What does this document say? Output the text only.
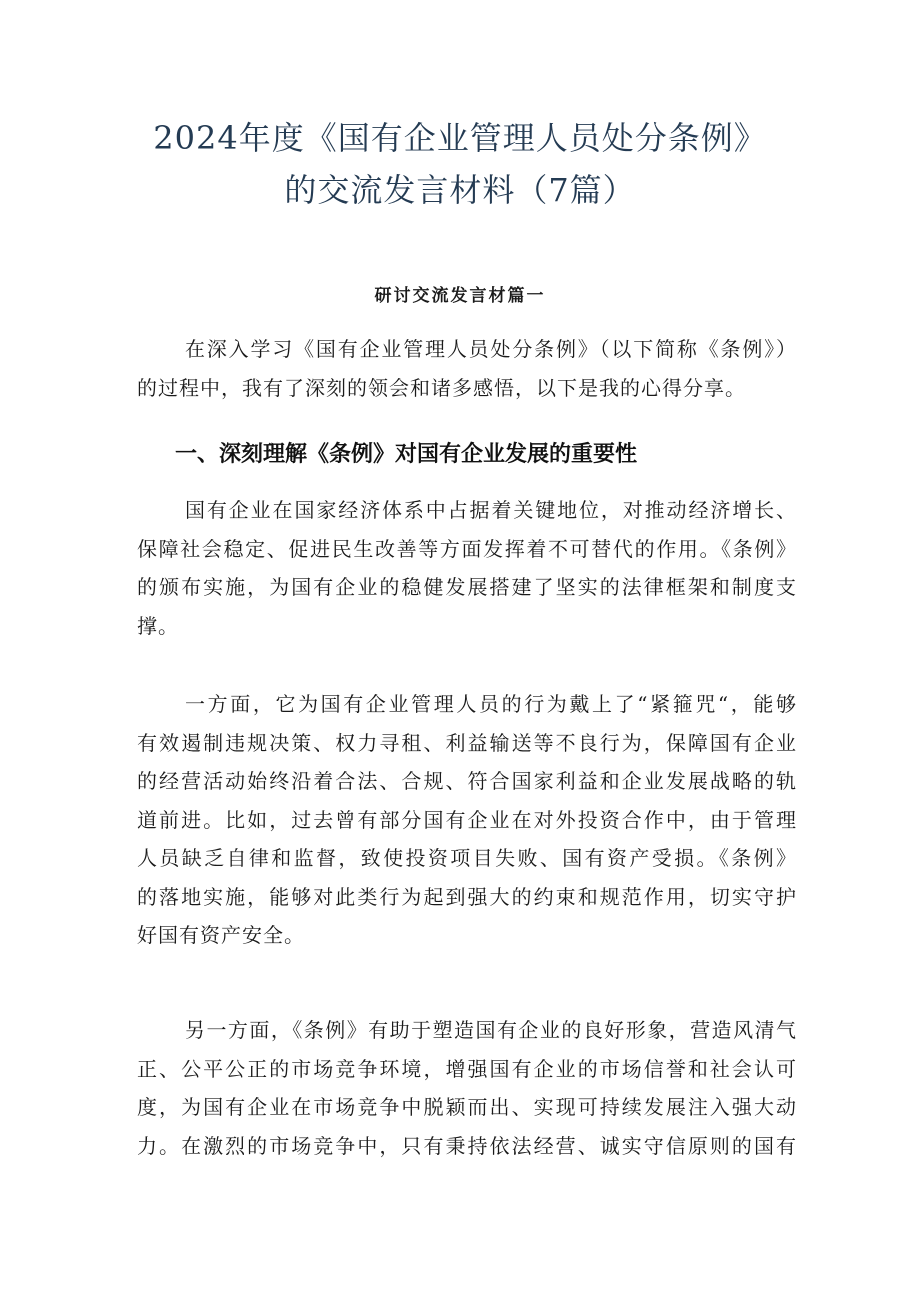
2024年度《国有企业管理人员处分条例》
的交流发言材料（7篇）
研讨交流发言材篇一
在深入学习《国有企业管理人员处分条例》（以下简称《条例》）
的过程中，我有了深刻的领会和诸多感悟，以下是我的心得分享。
一、深刻理解《条例》对国有企业发展的重要性
国有企业在国家经济体系中占据着关键地位，对推动经济增长、
保障社会稳定、促进民生改善等方面发挥着不可替代的作用。《条例》
的颁布实施，为国有企业的稳健发展搭建了坚实的法律框架和制度支
撑。
一方面，它为国有企业管理人员的行为戴上了“紧箍咒“，能够
有效遏制违规决策、权力寻租、利益输送等不良行为，保障国有企业
的经营活动始终沿着合法、合规、符合国家利益和企业发展战略的轨
道前进。比如，过去曾有部分国有企业在对外投资合作中，由于管理
人员缺乏自律和监督，致使投资项目失败、国有资产受损。《条例》
的落地实施，能够对此类行为起到强大的约束和规范作用，切实守护
好国有资产安全。
另一方面，《条例》有助于塑造国有企业的良好形象，营造风清气
正、公平公正的市场竞争环境，增强国有企业的市场信誉和社会认可
度，为国有企业在市场竞争中脱颖而出、实现可持续发展注入强大动
力。在激烈的市场竞争中，只有秉持依法经营、诚实守信原则的国有
